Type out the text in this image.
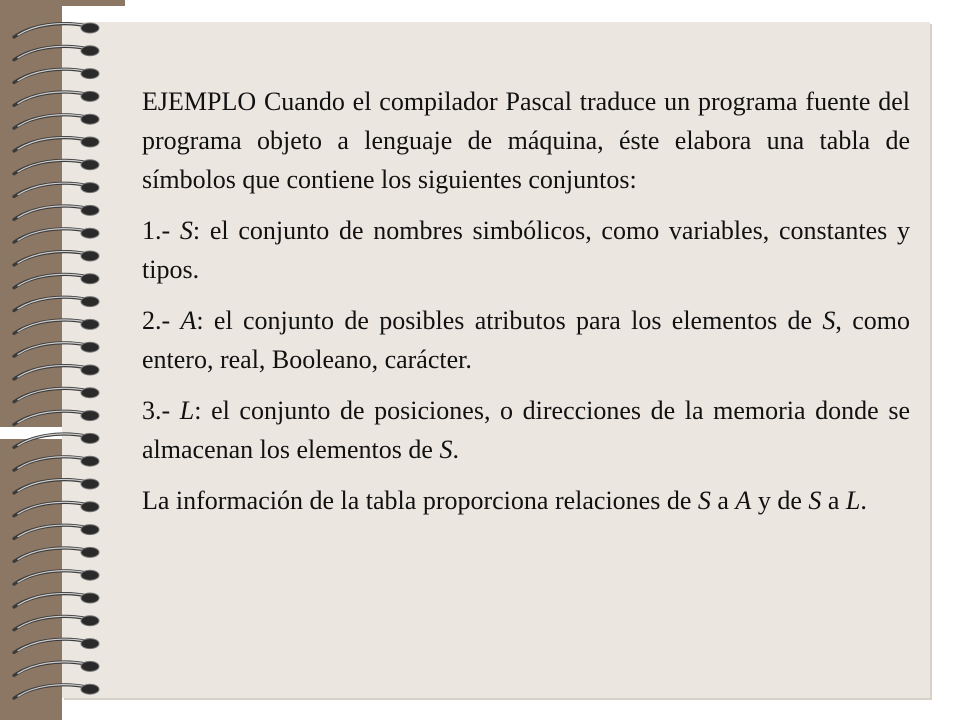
EJEMPLO Cuando el compilador Pascal traduce un programa fuente del programa objeto a lenguaje de máquina, éste elabora una tabla de símbolos que contiene los siguientes conjuntos:

1.- S: el conjunto de nombres simbólicos, como variables, constantes y tipos.

2.- A: el conjunto de posibles atributos para los elementos de S, como entero, real, Booleano, carácter.

3.- L: el conjunto de posiciones, o direcciones de la memoria donde se almacenan los elementos de S.

La información de la tabla proporciona relaciones de S a A y de S a L.
